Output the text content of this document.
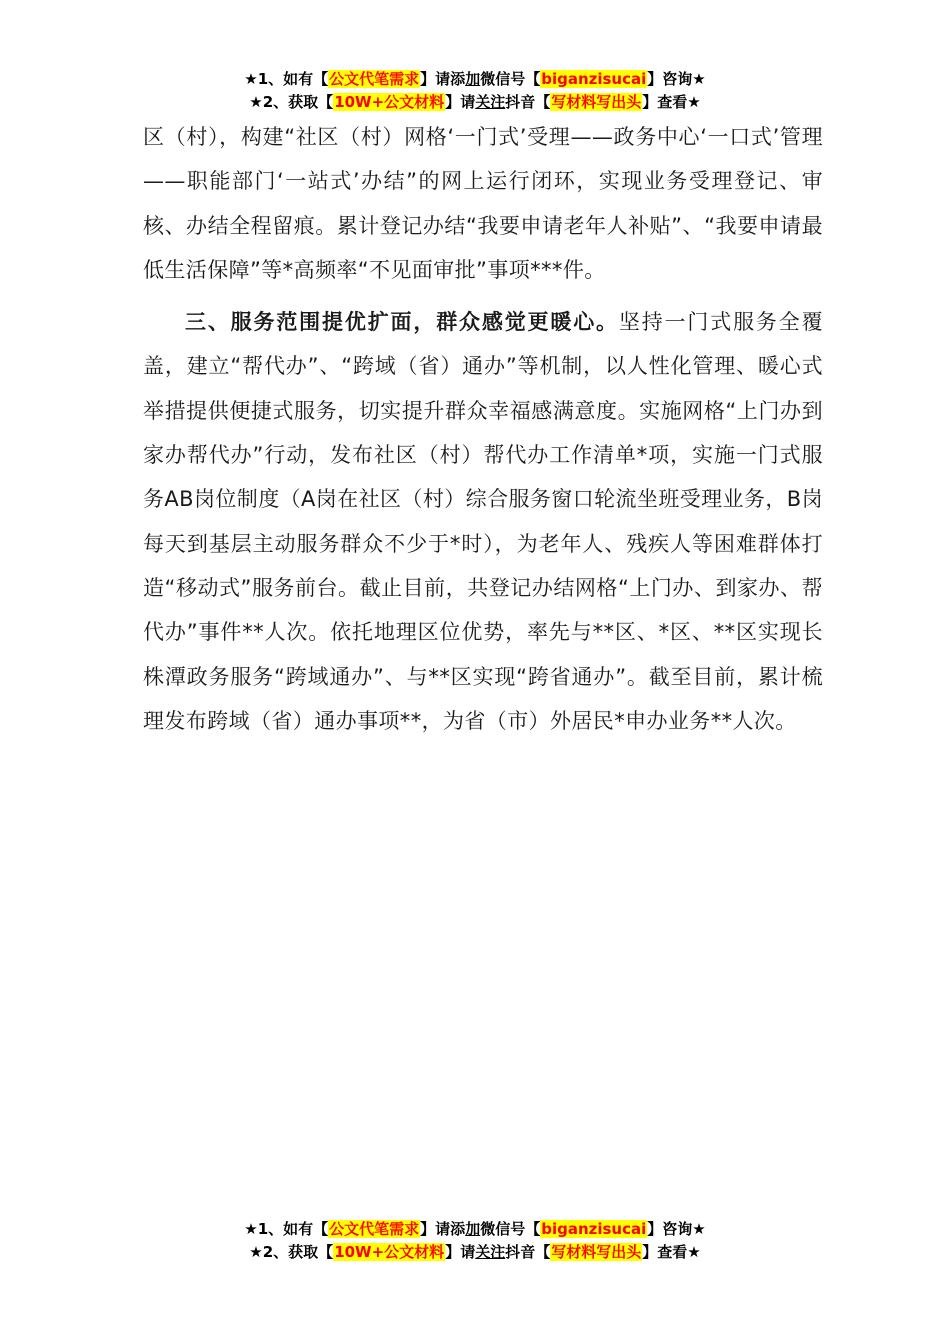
★1、如有【公文代笔需求】请添加微信号【biganzisucai】咨询★
★2、获取【10W+公文材料】请关注抖音【写材料写出头】查看★

区（村），构建“社区（村）网格‘一门式’受理——政务中心‘一口式’管理——职能部门‘一站式’办结”的网上运行闭环，实现业务受理登记、审核、办结全程留痕。累计登记办结“我要申请老年人补贴”、“我要申请最低生活保障”等*高频率“不见面审批”事项***件。

三、服务范围提优扩面，群众感觉更暖心。坚持一门式服务全覆盖，建立“帮代办”、“跨域（省）通办”等机制，以人性化管理、暖心式举措提供便捷式服务，切实提升群众幸福感满意度。实施网格“上门办到家办帮代办”行动，发布社区（村）帮代办工作清单*项，实施一门式服务AB岗位制度（A岗在社区（村）综合服务窗口轮流坐班受理业务，B岗每天到基层主动服务群众不少于*时），为老年人、残疾人等困难群体打造“移动式”服务前台。截止目前，共登记办结网格“上门办、到家办、帮代办”事件**人次。依托地理区位优势，率先与**区、*区、**区实现长株潭政务服务“跨域通办”、与**区实现“跨省通办”。截至目前，累计梳理发布跨域（省）通办事项**，为省（市）外居民*申办业务**人次。

★1、如有【公文代笔需求】请添加微信号【biganzisucai】咨询★
★2、获取【10W+公文材料】请关注抖音【写材料写出头】查看★
